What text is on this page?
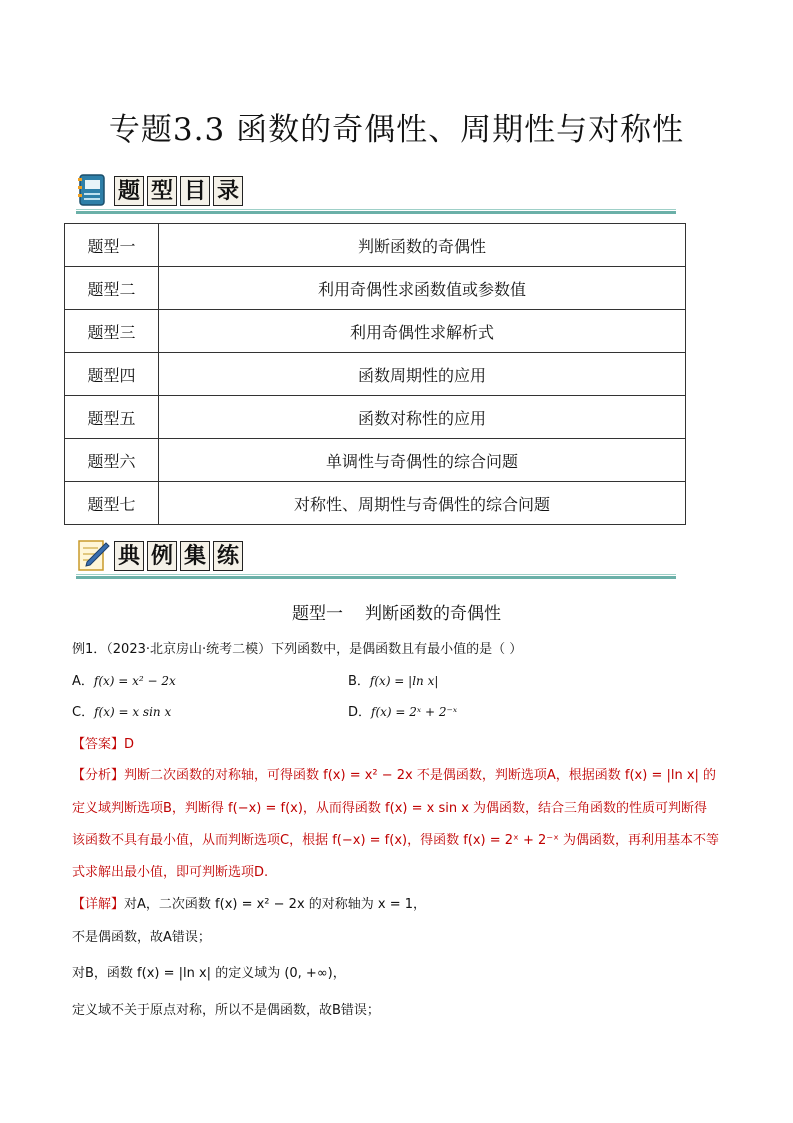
专题3.3 函数的奇偶性、周期性与对称性
题 型 目 录
题型一	判断函数的奇偶性
题型二	利用奇偶性求函数值或参数值
题型三	利用奇偶性求解析式
题型四	函数周期性的应用
题型五	函数对称性的应用
题型六	单调性与奇偶性的综合问题
题型七	对称性、周期性与奇偶性的综合问题
典 例 集 练
题型一 判断函数的奇偶性
例1．（2023·北京房山·统考二模）下列函数中，是偶函数且有最小值的是（ ）
A．f(x) = x² − 2x	B．f(x) = |ln x|
C．f(x) = x sin x	D．f(x) = 2ˣ + 2⁻ˣ
【答案】D
【分析】判断二次函数的对称轴，可得函数 f(x) = x² − 2x 不是偶函数，判断选项A，根据函数 f(x) = |ln x| 的
定义域判断选项B，判断得 f(−x) = f(x)，从而得函数 f(x) = x sin x 为偶函数，结合三角函数的性质可判断得
该函数不具有最小值，从而判断选项C，根据 f(−x) = f(x)，得函数 f(x) = 2ˣ + 2⁻ˣ 为偶函数，再利用基本不等
式求解出最小值，即可判断选项D.
【详解】对A，二次函数 f(x) = x² − 2x 的对称轴为 x = 1，
不是偶函数，故A错误；
对B，函数 f(x) = |ln x| 的定义域为 (0, +∞)，
定义域不关于原点对称，所以不是偶函数，故B错误；
